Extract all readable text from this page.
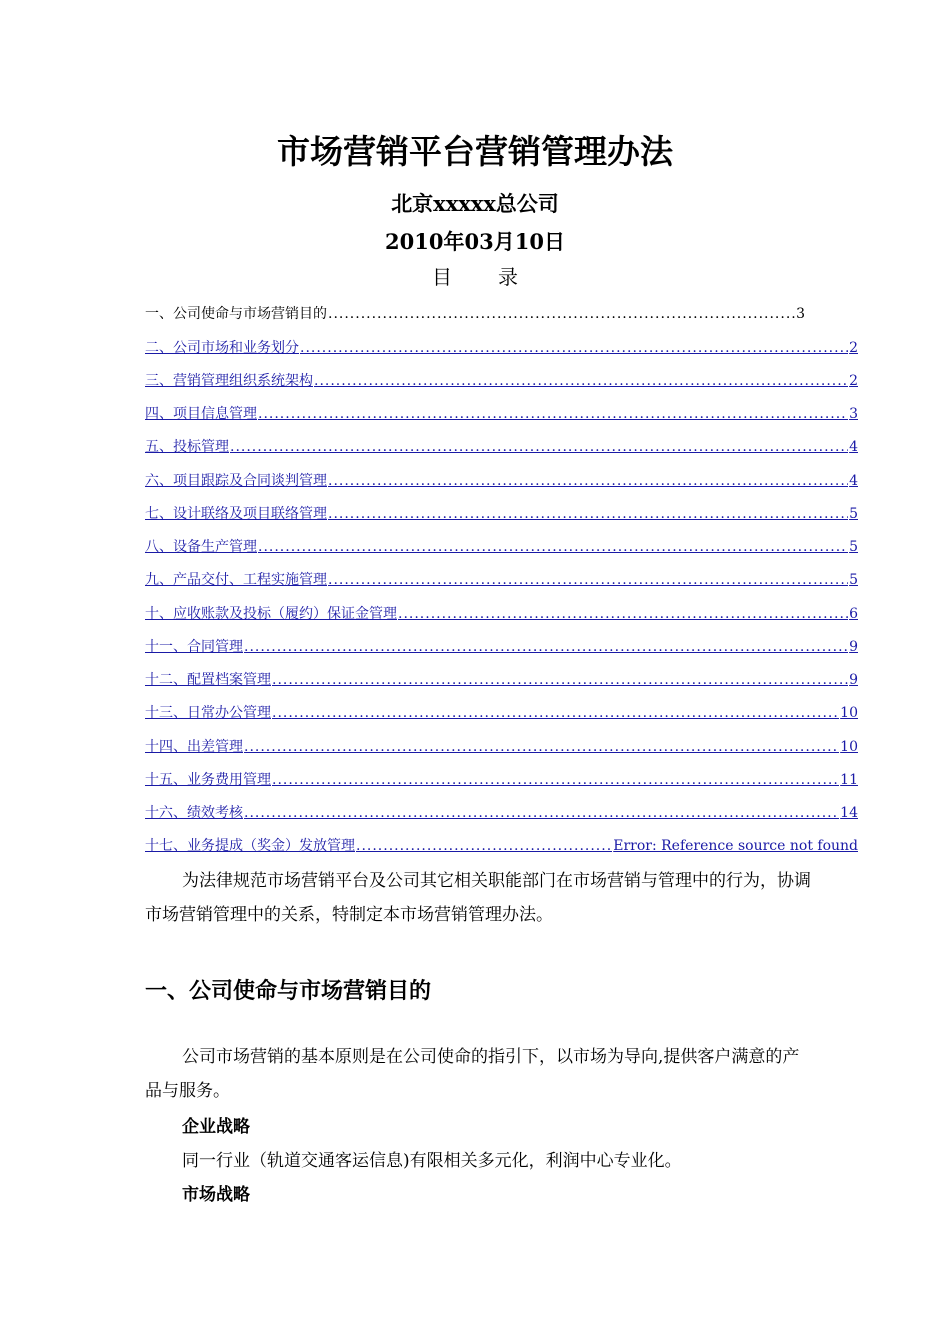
市场营销平台营销管理办法
北京xxxxx总公司
2010年03月10日
目 录
一、公司使命与市场营销目的 .....	3
二、公司市场和业务划分 .....	2
三、营销管理组织系统架构 .....	2
四、项目信息管理 .....	3
五、投标管理 .....	4
六、项目跟踪及合同谈判管理 .....	4
七、设计联络及项目联络管理 .....	5
八、设备生产管理 .....	5
九、产品交付、工程实施管理 .....	5
十、应收账款及投标（履约）保证金管理 .....	6
十一、合同管理 .....	9
十二、配置档案管理 .....	9
十三、日常办公管理 .....	10
十四、出差管理 .....	10
十五、业务费用管理 .....	11
十六、绩效考核 .....	14
十七、业务提成（奖金）发放管理 .....	Error: Reference source not found

为法律规范市场营销平台及公司其它相关职能部门在市场营销与管理中的行为，协调市场营销管理中的关系，特制定本市场营销管理办法。

一、公司使命与市场营销目的

公司市场营销的基本原则是在公司使命的指引下，以市场为导向,提供客户满意的产品与服务。

企业战略

同一行业（轨道交通客运信息)有限相关多元化，利润中心专业化。

市场战略
